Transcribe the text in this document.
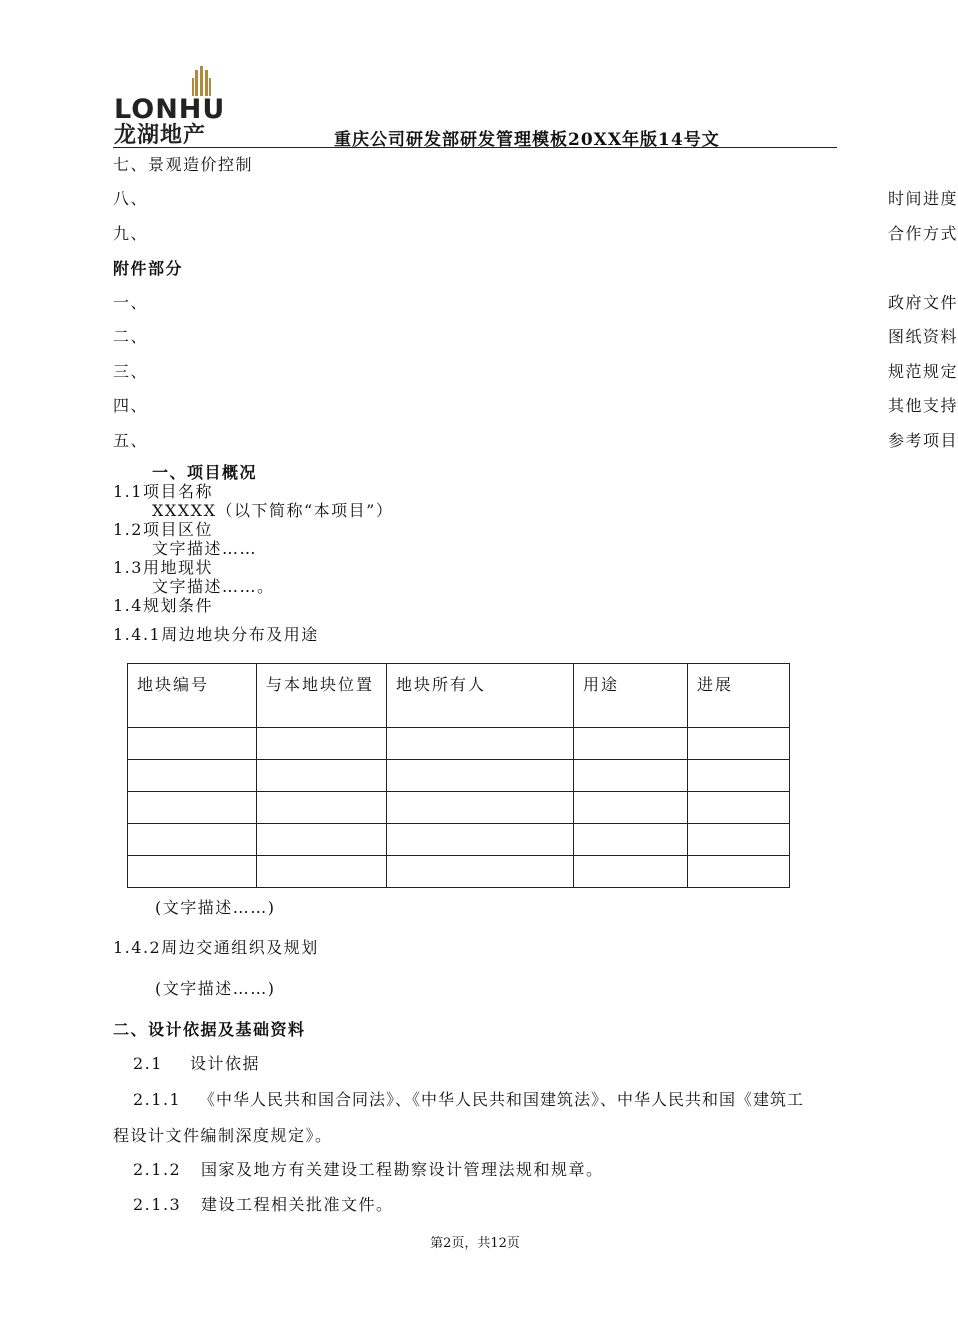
LONHU
龙湖地产	重庆公司研发部研发管理模板20XX年版14号文
七、景观造价控制
八、	时间进度
九、	合作方式
附件部分
一、	政府文件
二、	图纸资料
三、	规范规定
四、	其他支持
五、	参考项目
一、项目概况
1.1项目名称
XXXXX（以下简称“本项目”）
1.2项目区位
文字描述……
1.3用地现状
文字描述……。
1.4规划条件
1.4.1周边地块分布及用途
地块编号	与本地块位置	地块所有人	用途	进展

(文字描述……)
1.4.2周边交通组织及规划
(文字描述……)
二、设计依据及基础资料
2.1 设计依据
2.1.1 《中华人民共和国合同法》、《中华人民共和国建筑法》、中华人民共和国《建筑工
程设计文件编制深度规定》。
2.1.2 国家及地方有关建设工程勘察设计管理法规和规章。
2.1.3 建设工程相关批准文件。
第2页，共12页
